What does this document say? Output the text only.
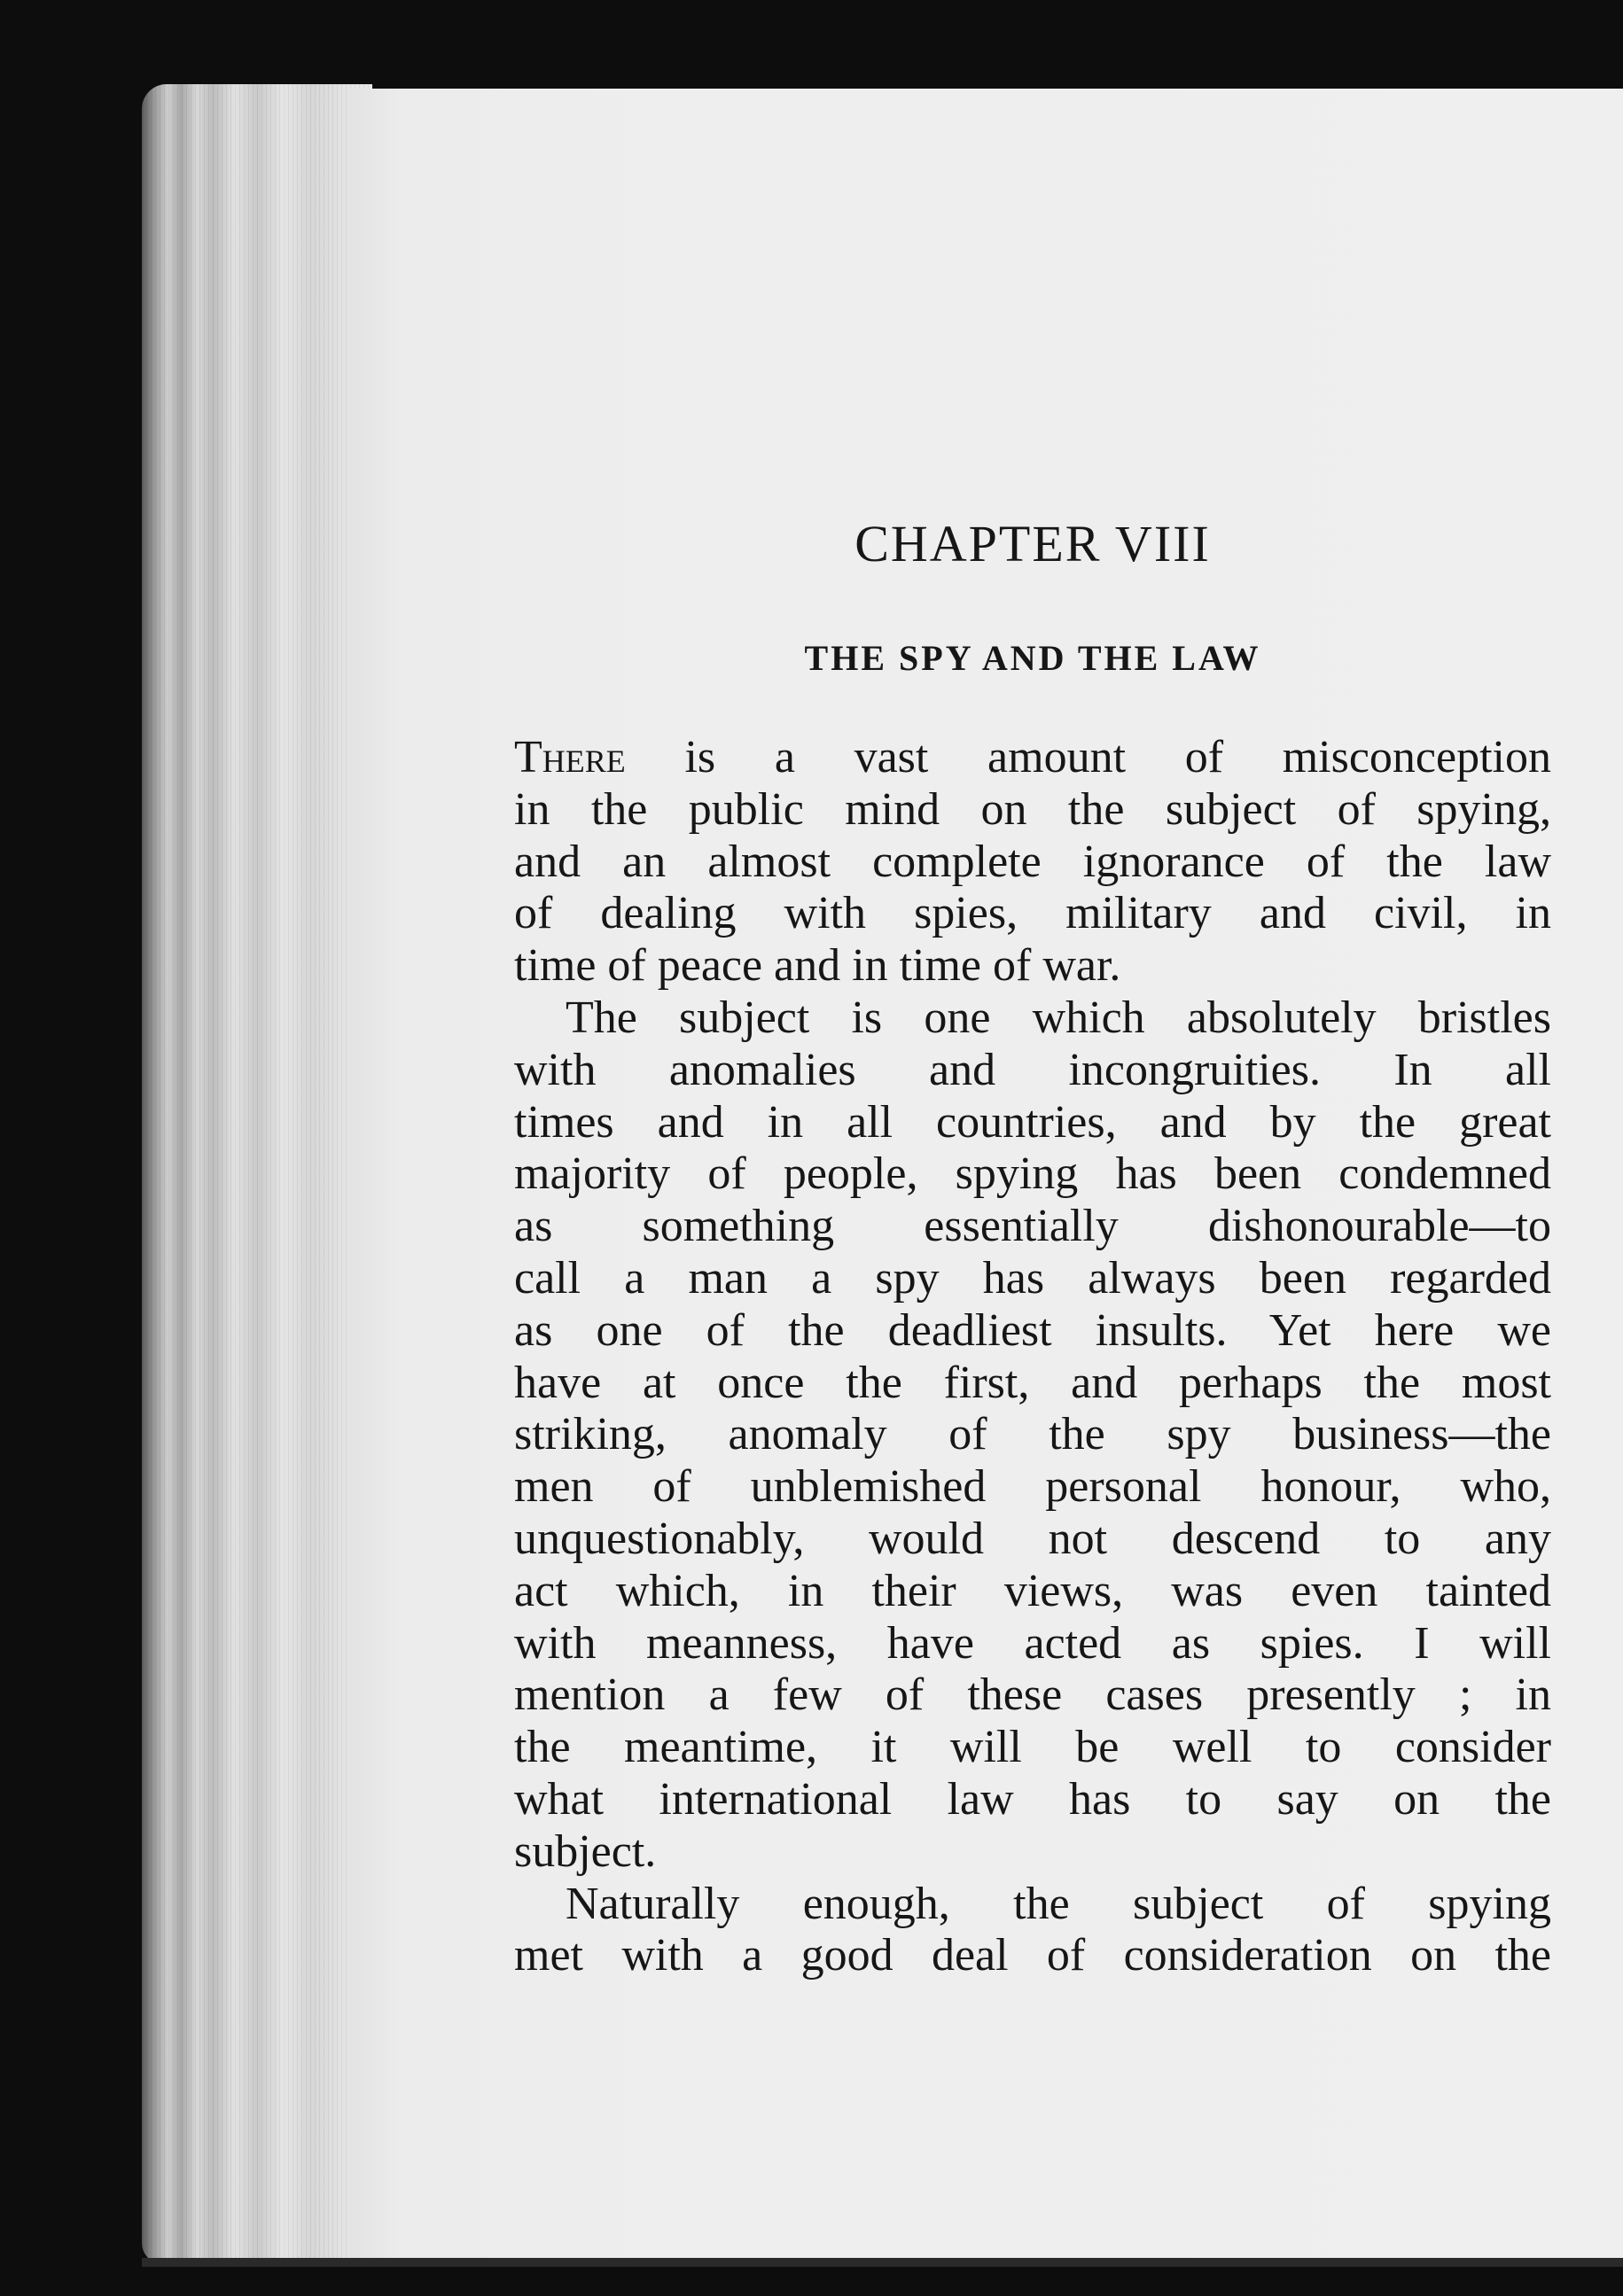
CHAPTER VIII
THE SPY AND THE LAW
There is a vast amount of misconception
in the public mind on the subject of spying,
and an almost complete ignorance of the law
of dealing with spies, military and civil, in
time of peace and in time of war.
The subject is one which absolutely bristles
with anomalies and incongruities. In all
times and in all countries, and by the great
majority of people, spying has been condemned
as something essentially dishonourable—to
call a man a spy has always been regarded
as one of the deadliest insults. Yet here we
have at once the first, and perhaps the most
striking, anomaly of the spy business—the
men of unblemished personal honour, who,
unquestionably, would not descend to any
act which, in their views, was even tainted
with meanness, have acted as spies. I will
mention a few of these cases presently ; in
the meantime, it will be well to consider
what international law has to say on the
subject.
Naturally enough, the subject of spying
met with a good deal of consideration on the
